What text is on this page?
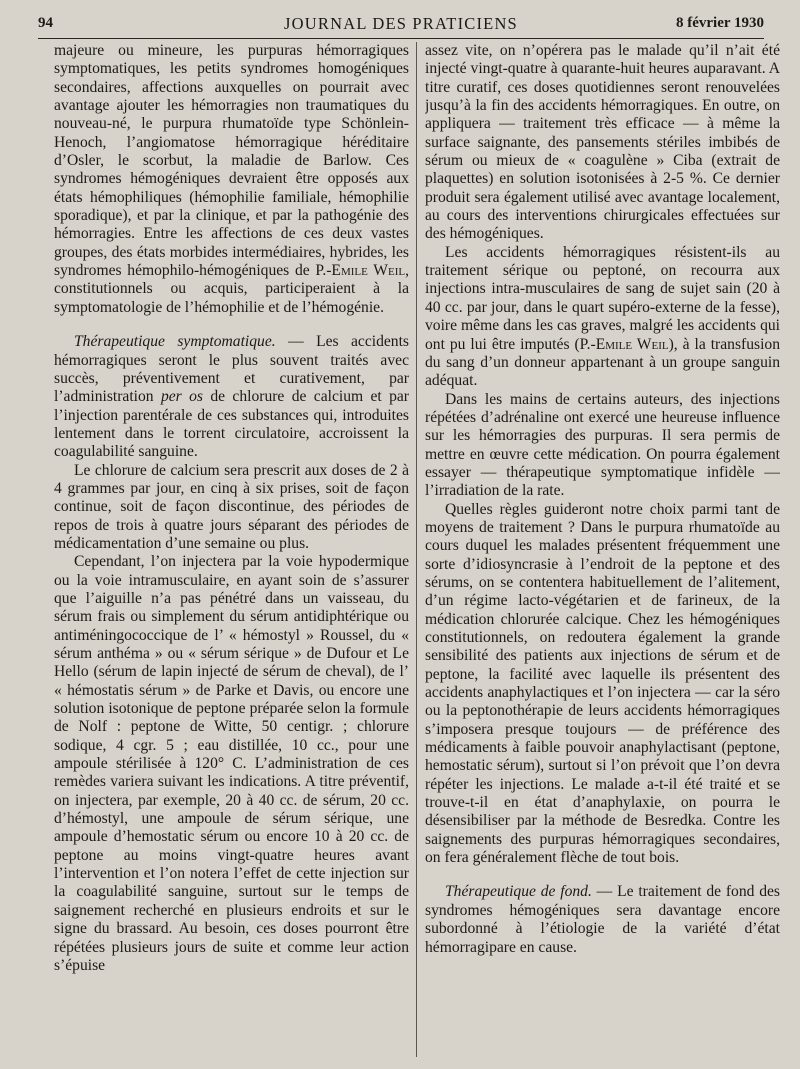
94	JOURNAL DES PRATICIENS	8 février 1930

majeure ou mineure, les purpuras hémorragiques symptomatiques, les petits syndromes homogéniques secondaires, affections auxquelles on pourrait avec avantage ajouter les hémorragies non traumatiques du nouveau-né, le purpura rhumatoïde type Schönlein-Henoch, l’angiomatose hémorragique héréditaire d’Osler, le scorbut, la maladie de Barlow. Ces syndromes hémogéniques devraient être opposés aux états hémophiliques (hémophilie familiale, hémophilie sporadique), et par la clinique, et par la pathogénie des hémorragies. Entre les affections de ces deux vastes groupes, des états morbides intermédiaires, hybrides, les syndromes hémophilo-hémogéniques de P.-Emile Weil, constitutionnels ou acquis, participeraient à la symptomatologie de l’hémophilie et de l’hémogénie.

Thérapeutique symptomatique. — Les accidents hémorragiques seront le plus souvent traités avec succès, préventivement et curativement, par l’administration per os de chlorure de calcium et par l’injection parentérale de ces substances qui, introduites lentement dans le torrent circulatoire, accroissent la coagulabilité sanguine.

Le chlorure de calcium sera prescrit aux doses de 2 à 4 grammes par jour, en cinq à six prises, soit de façon continue, soit de façon discontinue, des périodes de repos de trois à quatre jours séparant des périodes de médicamentation d’une semaine ou plus.

Cependant, l’on injectera par la voie hypodermique ou la voie intramusculaire, en ayant soin de s’assurer que l’aiguille n’a pas pénétré dans un vaisseau, du sérum frais ou simplement du sérum antidiphtérique ou antiméningococcique de l’ « hémostyl » Roussel, du « sérum anthéma » ou « sérum sérique » de Dufour et Le Hello (sérum de lapin injecté de sérum de cheval), de l’ « hémostatis sérum » de Parke et Davis, ou encore une solution isotonique de peptone préparée selon la formule de Nolf : peptone de Witte, 50 centigr. ; chlorure sodique, 4 cgr. 5 ; eau distillée, 10 cc., pour une ampoule stérilisée à 120° C. L’administration de ces remèdes variera suivant les indications. A titre préventif, on injectera, par exemple, 20 à 40 cc. de sérum, 20 cc. d’hémostyl, une ampoule de sérum sérique, une ampoule d’hemostatic sérum ou encore 10 à 20 cc. de peptone au moins vingt-quatre heures avant l’intervention et l’on notera l’effet de cette injection sur la coagulabilité sanguine, surtout sur le temps de saignement recherché en plusieurs endroits et sur le signe du brassard. Au besoin, ces doses pourront être répétées plusieurs jours de suite et comme leur action s’épuise

assez vite, on n’opérera pas le malade qu’il n’ait été injecté vingt-quatre à quarante-huit heures auparavant. A titre curatif, ces doses quotidiennes seront renouvelées jusqu’à la fin des accidents hémorragiques. En outre, on appliquera — traitement très efficace — à même la surface saignante, des pansements stériles imbibés de sérum ou mieux de « coagulène » Ciba (extrait de plaquettes) en solution isotonisées à 2-5 %. Ce dernier produit sera également utilisé avec avantage localement, au cours des interventions chirurgicales effectuées sur des hémogéniques.

Les accidents hémorragiques résistent-ils au traitement sérique ou peptoné, on recourra aux injections intra-musculaires de sang de sujet sain (20 à 40 cc. par jour, dans le quart supéro-externe de la fesse), voire même dans les cas graves, malgré les accidents qui ont pu lui être imputés (P.-Emile Weil), à la transfusion du sang d’un donneur appartenant à un groupe sanguin adéquat.

Dans les mains de certains auteurs, des injections répétées d’adrénaline ont exercé une heureuse influence sur les hémorragies des purpuras. Il sera permis de mettre en œuvre cette médication. On pourra également essayer — thérapeutique symptomatique infidèle — l’irradiation de la rate.

Quelles règles guideront notre choix parmi tant de moyens de traitement ? Dans le purpura rhumatoïde au cours duquel les malades présentent fréquemment une sorte d’idiosyncrasie à l’endroit de la peptone et des sérums, on se contentera habituellement de l’alitement, d’un régime lacto-végétarien et de farineux, de la médication chlorurée calcique. Chez les hémogéniques constitutionnels, on redoutera également la grande sensibilité des patients aux injections de sérum et de peptone, la facilité avec laquelle ils présentent des accidents anaphylactiques et l’on injectera — car la séro ou la peptonothérapie de leurs accidents hémorragiques s’imposera presque toujours — de préférence des médicaments à faible pouvoir anaphylactisant (peptone, hemostatic sérum), surtout si l’on prévoit que l’on devra répéter les injections. Le malade a-t-il été traité et se trouve-t-il en état d’anaphylaxie, on pourra le désensibiliser par la méthode de Besredka. Contre les saignements des purpuras hémorragiques secondaires, on fera généralement flèche de tout bois.

Thérapeutique de fond. — Le traitement de fond des syndromes hémogéniques sera davantage encore subordonné à l’étiologie de la variété d’état hémorragipare en cause.
